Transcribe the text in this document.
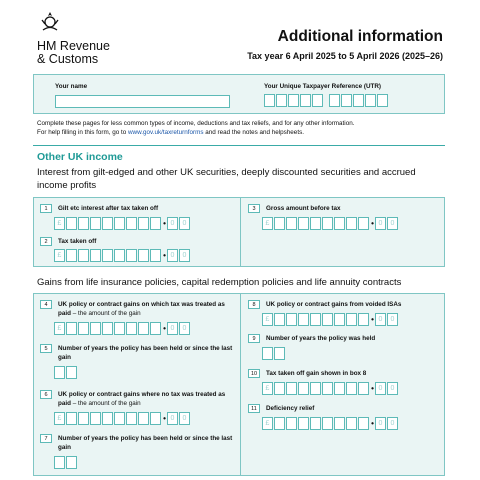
HM Revenue
& Customs
Additional information
Tax year 6 April 2025 to 5 April 2026 (2025–26)
Your name	Your Unique Taxpayer Reference (UTR)
Complete these pages for less common types of income, deductions and tax reliefs, and for any other information.
For help filling in this form, go to www.gov.uk/taxreturnforms and read the notes and helpsheets.
Other UK income
Interest from gilt-edged and other UK securities, deeply discounted securities and accrued income profits
1	Gilt etc interest after tax taken off
£	• 0	0
2	Tax taken off
£	• 0	0
3	Gross amount before tax
£	• 0	0
Gains from life insurance policies, capital redemption policies and life annuity contracts
4	UK policy or contract gains on which tax was treated as paid – the amount of the gain
£	• 0	0
5	Number of years the policy has been held or since the last gain
6	UK policy or contract gains where no tax was treated as paid – the amount of the gain
£	• 0	0
7	Number of years the policy has been held or since the last gain
8	UK policy or contract gains from voided ISAs
£	• 0	0
9	Number of years the policy was held
10	Tax taken off gain shown in box 8
£	• 0	0
11	Deficiency relief
£	• 0	0
